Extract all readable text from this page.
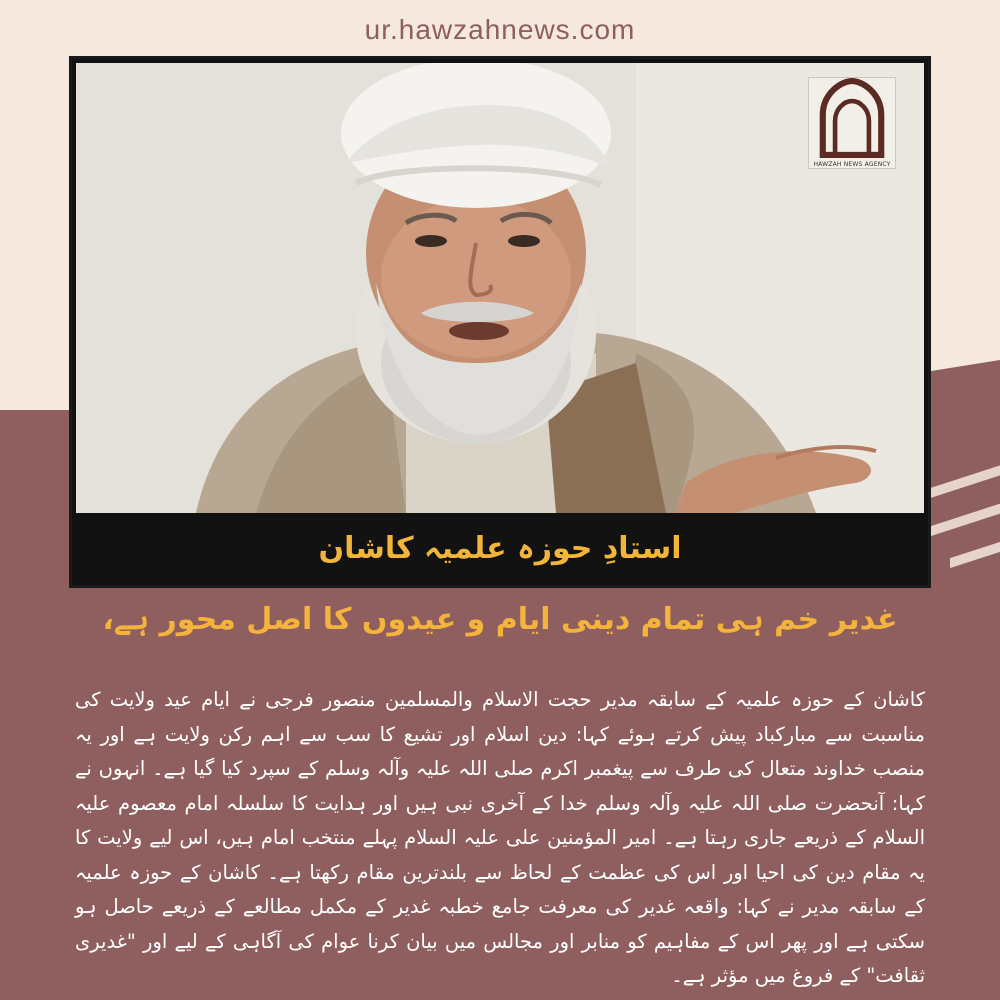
ur.hawzahnews.com
HAWZAH NEWS AGENCY
استادِ حوزہ علمیہ کاشان
غدیر خم ہی تمام دینی ایام و عیدوں کا اصل محور ہے،
کاشان کے حوزہ علمیہ کے سابقہ مدیر حجت الاسلام والمسلمین منصور فرجی نے ایام عید ولایت کی مناسبت سے مبارکباد پیش کرتے ہوئے کہا: دین اسلام اور تشیع کا سب سے اہم رکن ولایت ہے اور یہ منصب خداوند متعال کی طرف سے پیغمبر اکرم صلی اللہ علیہ وآلہ وسلم کے سپرد کیا گیا ہے۔ انہوں نے کہا: آنحضرت صلی اللہ علیہ وآلہ وسلم خدا کے آخری نبی ہیں اور ہدایت کا سلسلہ امام معصوم علیہ السلام کے ذریعے جاری رہتا ہے۔ امیر المؤمنین علی علیہ السلام پہلے منتخب امام ہیں، اس لیے ولایت کا یہ مقام دین کی احیا اور اس کی عظمت کے لحاظ سے بلندترین مقام رکھتا ہے۔ کاشان کے حوزہ علمیہ کے سابقہ مدیر نے کہا: واقعہ غدیر کی معرفت جامع خطبہ غدیر کے مکمل مطالعے کے ذریعے حاصل ہو سکتی ہے اور پھر اس کے مفاہیم کو منابر اور مجالس میں بیان کرنا عوام کی آگاہی کے لیے اور "غدیری ثقافت" کے فروغ میں مؤثر ہے۔
